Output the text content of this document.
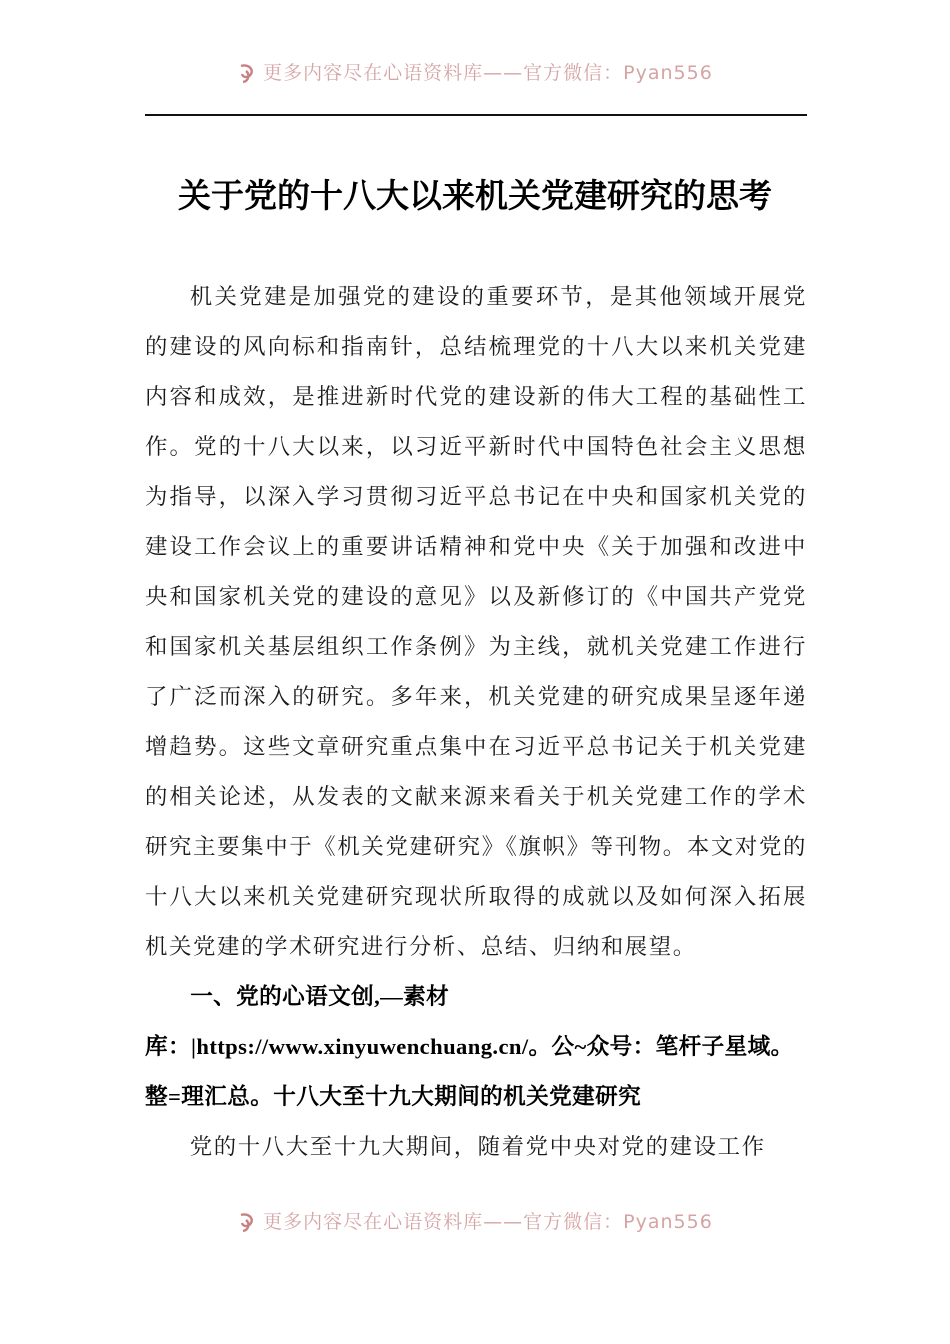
更多内容尽在心语资料库——官方微信：Pyan556
关于党的十八大以来机关党建研究的思考

机关党建是加强党的建设的重要环节，是其他领域开展党的建设的风向标和指南针，总结梳理党的十八大以来机关党建内容和成效，是推进新时代党的建设新的伟大工程的基础性工作。党的十八大以来，以习近平新时代中国特色社会主义思想为指导，以深入学习贯彻习近平总书记在中央和国家机关党的建设工作会议上的重要讲话精神和党中央《关于加强和改进中央和国家机关党的建设的意见》以及新修订的《中国共产党党和国家机关基层组织工作条例》为主线，就机关党建工作进行了广泛而深入的研究。多年来，机关党建的研究成果呈逐年递增趋势。这些文章研究重点集中在习近平总书记关于机关党建的相关论述，从发表的文献来源来看关于机关党建工作的学术研究主要集中于《机关党建研究》《旗帜》等刊物。本文对党的十八大以来机关党建研究现状所取得的成就以及如何深入拓展机关党建的学术研究进行分析、总结、归纳和展望。

一、党的心语文创,—素材库：|https://www.xinyuwenchuang.cn/。公~众号：笔杆子星域。整=理汇总。十八大至十九大期间的机关党建研究

党的十八大至十九大期间，随着党中央对党的建设工作

更多内容尽在心语资料库——官方微信：Pyan556
